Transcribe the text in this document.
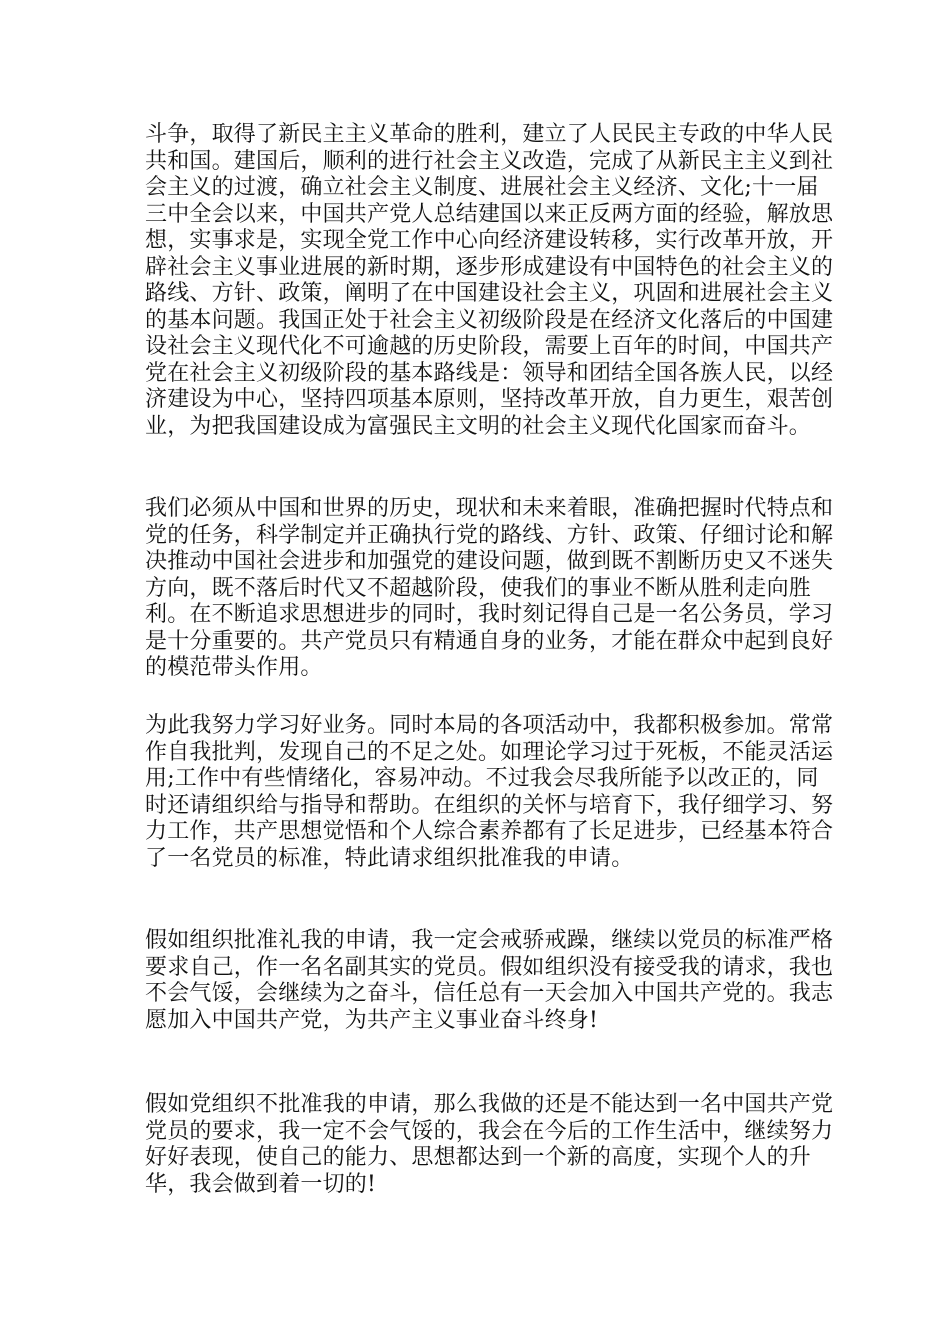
斗争，取得了新民主主义革命的胜利，建立了人民民主专政的中华人民共和国。建国后，顺利的进行社会主义改造，完成了从新民主主义到社会主义的过渡，确立社会主义制度、进展社会主义经济、文化;十一届三中全会以来，中国共产党人总结建国以来正反两方面的经验，解放思想，实事求是，实现全党工作中心向经济建设转移，实行改革开放，开辟社会主义事业进展的新时期，逐步形成建设有中国特色的社会主义的路线、方针、政策，阐明了在中国建设社会主义，巩固和进展社会主义的基本问题。我国正处于社会主义初级阶段是在经济文化落后的中国建设社会主义现代化不可逾越的历史阶段，需要上百年的时间，中国共产党在社会主义初级阶段的基本路线是：领导和团结全国各族人民，以经济建设为中心，坚持四项基本原则，坚持改革开放，自力更生，艰苦创业，为把我国建设成为富强民主文明的社会主义现代化国家而奋斗。

我们必须从中国和世界的历史，现状和未来着眼，准确把握时代特点和党的任务，科学制定并正确执行党的路线、方针、政策、仔细讨论和解决推动中国社会进步和加强党的建设问题，做到既不割断历史又不迷失方向，既不落后时代又不超越阶段，使我们的事业不断从胜利走向胜利。在不断追求思想进步的同时，我时刻记得自己是一名公务员，学习是十分重要的。共产党员只有精通自身的业务，才能在群众中起到良好的模范带头作用。

为此我努力学习好业务。同时本局的各项活动中，我都积极参加。常常作自我批判，发现自己的不足之处。如理论学习过于死板，不能灵活运用;工作中有些情绪化，容易冲动。不过我会尽我所能予以改正的，同时还请组织给与指导和帮助。在组织的关怀与培育下，我仔细学习、努力工作，共产思想觉悟和个人综合素养都有了长足进步，已经基本符合了一名党员的标准，特此请求组织批准我的申请。

假如组织批准礼我的申请，我一定会戒骄戒躁，继续以党员的标准严格要求自己，作一名名副其实的党员。假如组织没有接受我的请求，我也不会气馁，会继续为之奋斗，信任总有一天会加入中国共产党的。我志愿加入中国共产党，为共产主义事业奋斗终身!

假如党组织不批准我的申请，那么我做的还是不能达到一名中国共产党党员的要求，我一定不会气馁的，我会在今后的工作生活中，继续努力好好表现，使自己的能力、思想都达到一个新的高度，实现个人的升华，我会做到着一切的!
